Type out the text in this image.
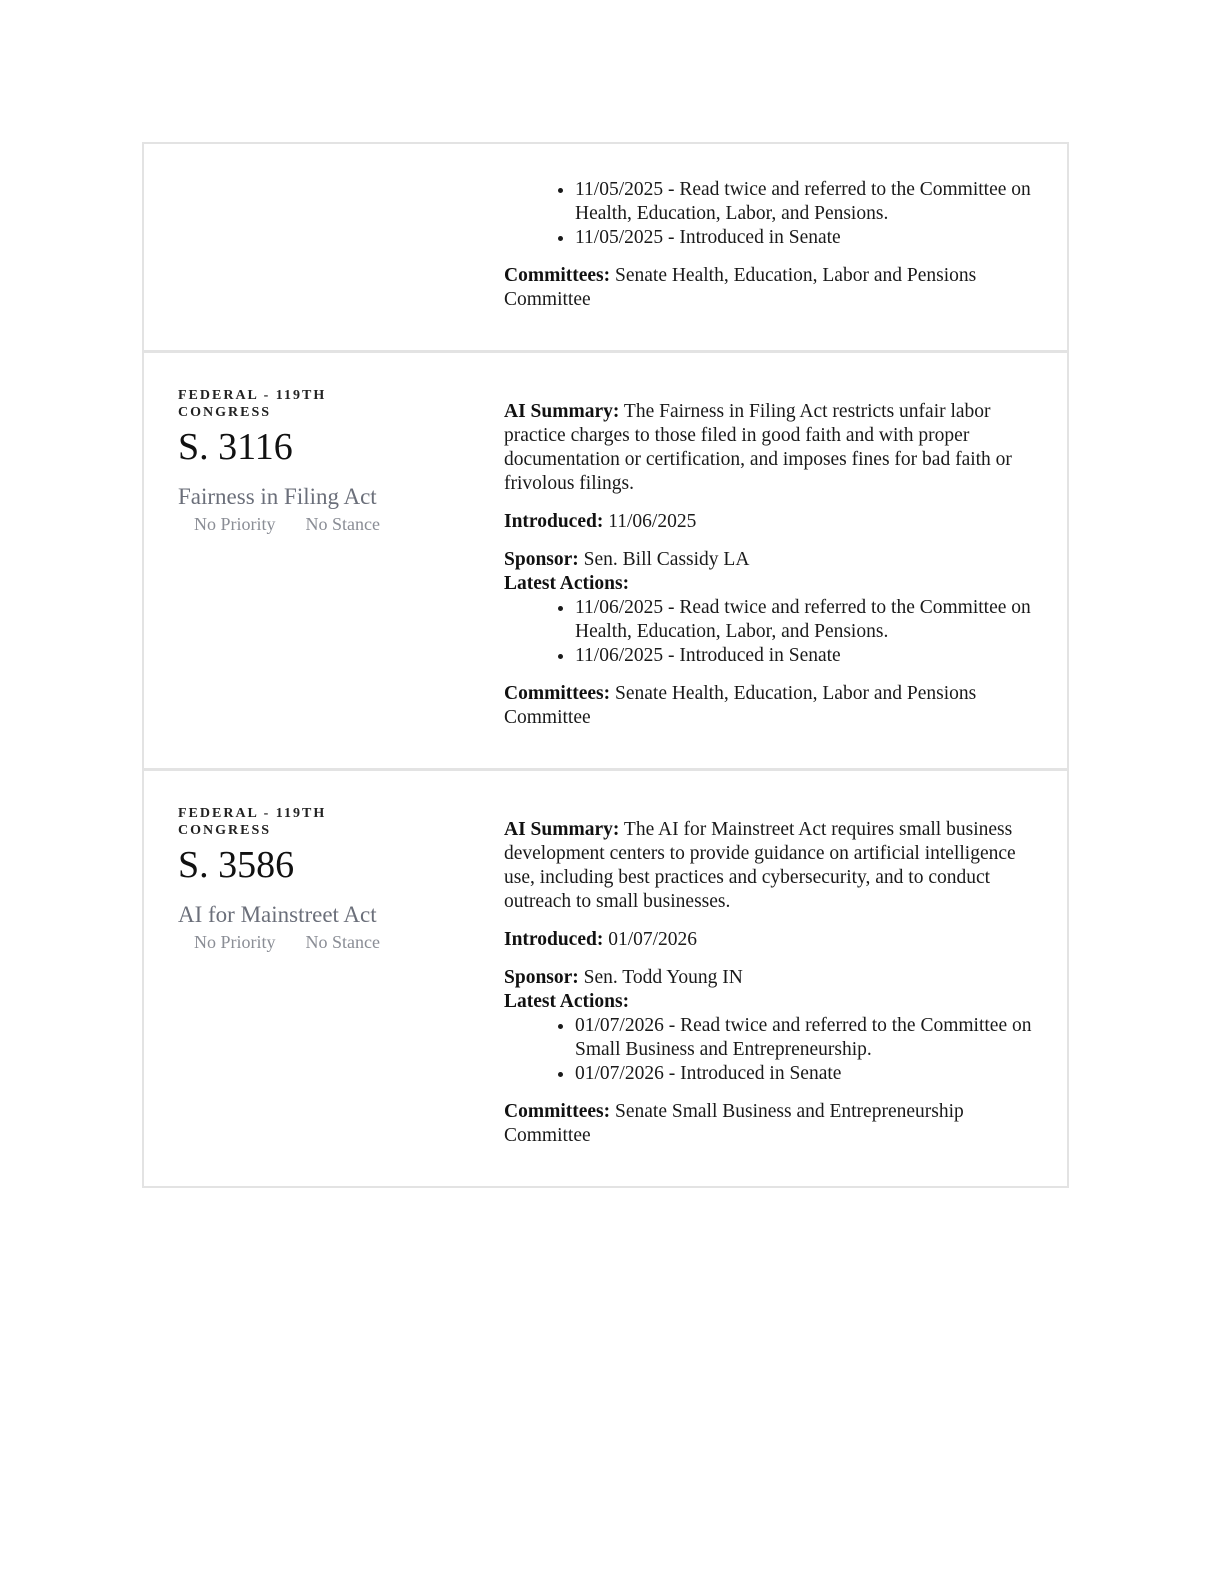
• 11/05/2025 - Read twice and referred to the Committee on Health, Education, Labor, and Pensions.
• 11/05/2025 - Introduced in Senate

Committees: Senate Health, Education, Labor and Pensions Committee

FEDERAL - 119TH CONGRESS
S. 3116
Fairness in Filing Act
No Priority No Stance

AI Summary: The Fairness in Filing Act restricts unfair labor practice charges to those filed in good faith and with proper documentation or certification, and imposes fines for bad faith or frivolous filings.

Introduced: 11/06/2025

Sponsor: Sen. Bill Cassidy LA

Latest Actions:

• 11/06/2025 - Read twice and referred to the Committee on Health, Education, Labor, and Pensions.
• 11/06/2025 - Introduced in Senate

Committees: Senate Health, Education, Labor and Pensions Committee

FEDERAL - 119TH CONGRESS
S. 3586
AI for Mainstreet Act
No Priority No Stance

AI Summary: The AI for Mainstreet Act requires small business development centers to provide guidance on artificial intelligence use, including best practices and cybersecurity, and to conduct outreach to small businesses.

Introduced: 01/07/2026

Sponsor: Sen. Todd Young IN

Latest Actions:

• 01/07/2026 - Read twice and referred to the Committee on Small Business and Entrepreneurship.
• 01/07/2026 - Introduced in Senate

Committees: Senate Small Business and Entrepreneurship Committee
